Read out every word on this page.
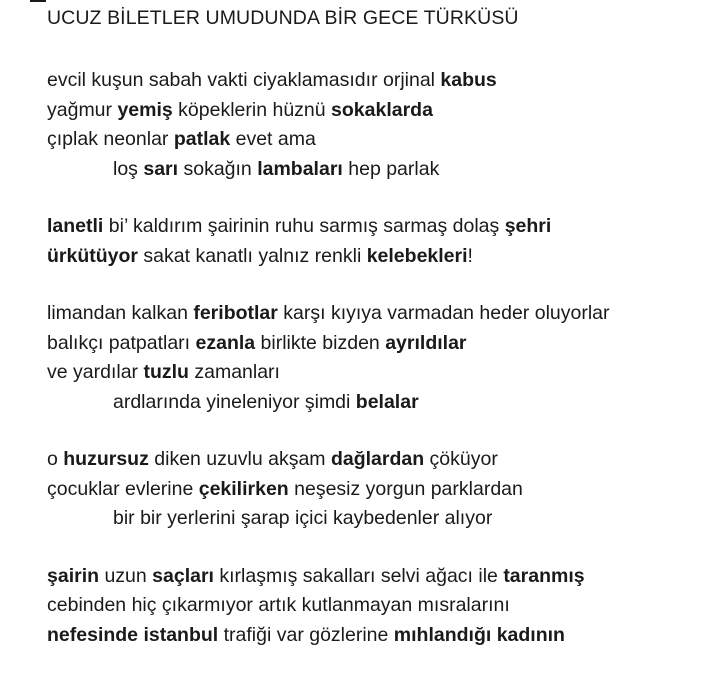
UCUZ BİLETLER UMUDUNDA BİR GECE TÜRKÜSÜ
evcil kuşun sabah vakti ciyaklamasıdır orjinal kabus
yağmur yemiş köpeklerin hüznü sokaklarda
çıplak neonlar patlak evet ama
loş sarı sokağın lambaları hep parlak
lanetli bi’ kaldırım şairinin ruhu sarmış sarmaş dolaş şehri
ürkütüyor sakat kanatlı yalnız renkli kelebekleri!
limandan kalkan feribotlar karşı kıyıya varmadan heder oluyorlar
balıkçı patpatları ezanla birlikte bizden ayrıldılar
ve yardılar tuzlu zamanları
ardlarında yineleniyor şimdi belalar
o huzursuz diken uzuvlu akşam dağlardan çöküyor
çocuklar evlerine çekilirken neşesiz yorgun parklardan
bir bir yerlerini şarap içici kaybedenler alıyor
şairin uzun saçları kırlaşmış sakalları selvi ağacı ile taranmış
cebinden hiç çıkarmıyor artık kutlanmayan mısralarını
nefesinde istanbul trafiği var gözlerine mıhlandığı kadının
